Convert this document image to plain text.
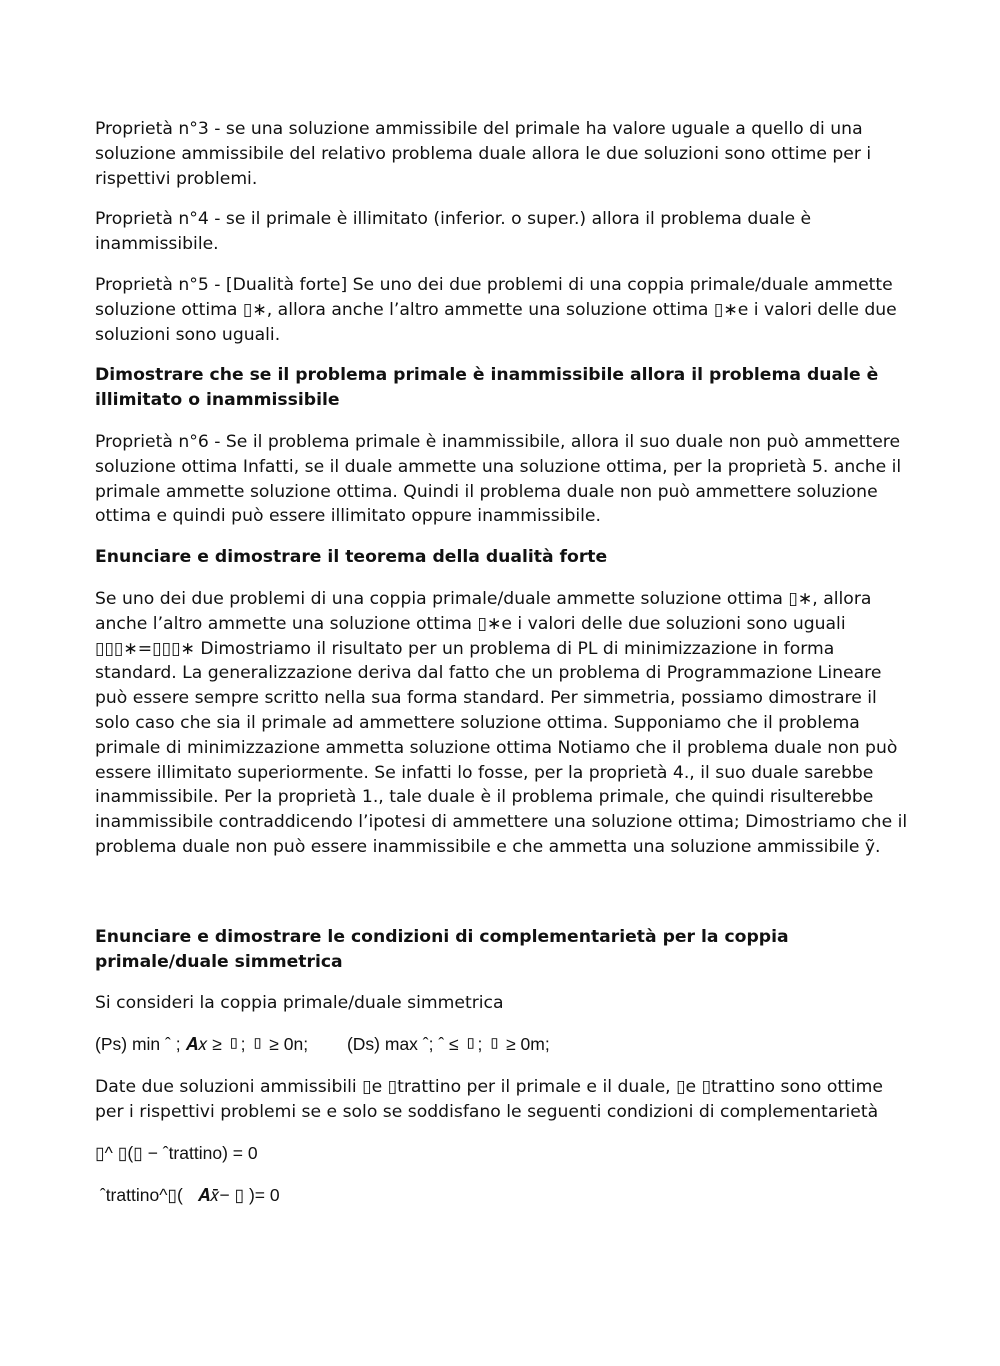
Proprietà n°3 - se una soluzione ammissibile del primale ha valore uguale a quello di una soluzione ammissibile del relativo problema duale allora le due soluzioni sono ottime per i rispettivi problemi.

Proprietà n°4 - se il primale è illimitato (inferior. o super.) allora il problema duale è inammissibile.

Proprietà n°5 - [Dualità forte] Se uno dei due problemi di una coppia primale/duale ammette soluzione ottima ▯∗, allora anche l’altro ammette una soluzione ottima ▯∗e i valori delle due soluzioni sono uguali.

Dimostrare che se il problema primale è inammissibile allora il problema duale è illimitato o inammissibile

Proprietà n°6 - Se il problema primale è inammissibile, allora il suo duale non può ammettere soluzione ottima Infatti, se il duale ammette una soluzione ottima, per la proprietà 5. anche il primale ammette soluzione ottima. Quindi il problema duale non può ammettere soluzione ottima e quindi può essere illimitato oppure inammissibile.

Enunciare e dimostrare il teorema della dualità forte

Se uno dei due problemi di una coppia primale/duale ammette soluzione ottima ▯∗, allora anche l’altro ammette una soluzione ottima ▯∗e i valori delle due soluzioni sono uguali ▯▯▯∗=▯▯▯∗ Dimostriamo il risultato per un problema di PL di minimizzazione in forma standard. La generalizzazione deriva dal fatto che un problema di Programmazione Lineare può essere sempre scritto nella sua forma standard. Per simmetria, possiamo dimostrare il solo caso che sia il primale ad ammettere soluzione ottima. Supponiamo che il problema primale di minimizzazione ammetta soluzione ottima Notiamo che il problema duale non può essere illimitato superiormente. Se infatti lo fosse, per la proprietà 4., il suo duale sarebbe inammissibile. Per la proprietà 1., tale duale è il problema primale, che quindi risulterebbe inammissibile contraddicendo l’ipotesi di ammettere una soluzione ottima; Dimostriamo che il problema duale non può essere inammissibile e che ammetta una soluzione ammissibile ỹ.

Enunciare e dimostrare le condizioni di complementarietà per la coppia primale/duale simmetrica

Si consideri la coppia primale/duale simmetrica

(Ps) min ˆ ; 𝑨𝑥 ≥ ▯; ▯ ≥ 0n;        (Ds) max ˆ; ˆ ≤ ▯; ▯ ≥ 0m;

Date due soluzioni ammissibili ▯e ▯trattino per il primale e il duale, ▯e ▯trattino sono ottime per i rispettivi problemi se e solo se soddisfano le seguenti condizioni di complementarietà

▯^ ▯(▯ − ˆtrattino) = 0

ˆtrattino^▯(   𝑨𝑥̄− ▯ )= 0
